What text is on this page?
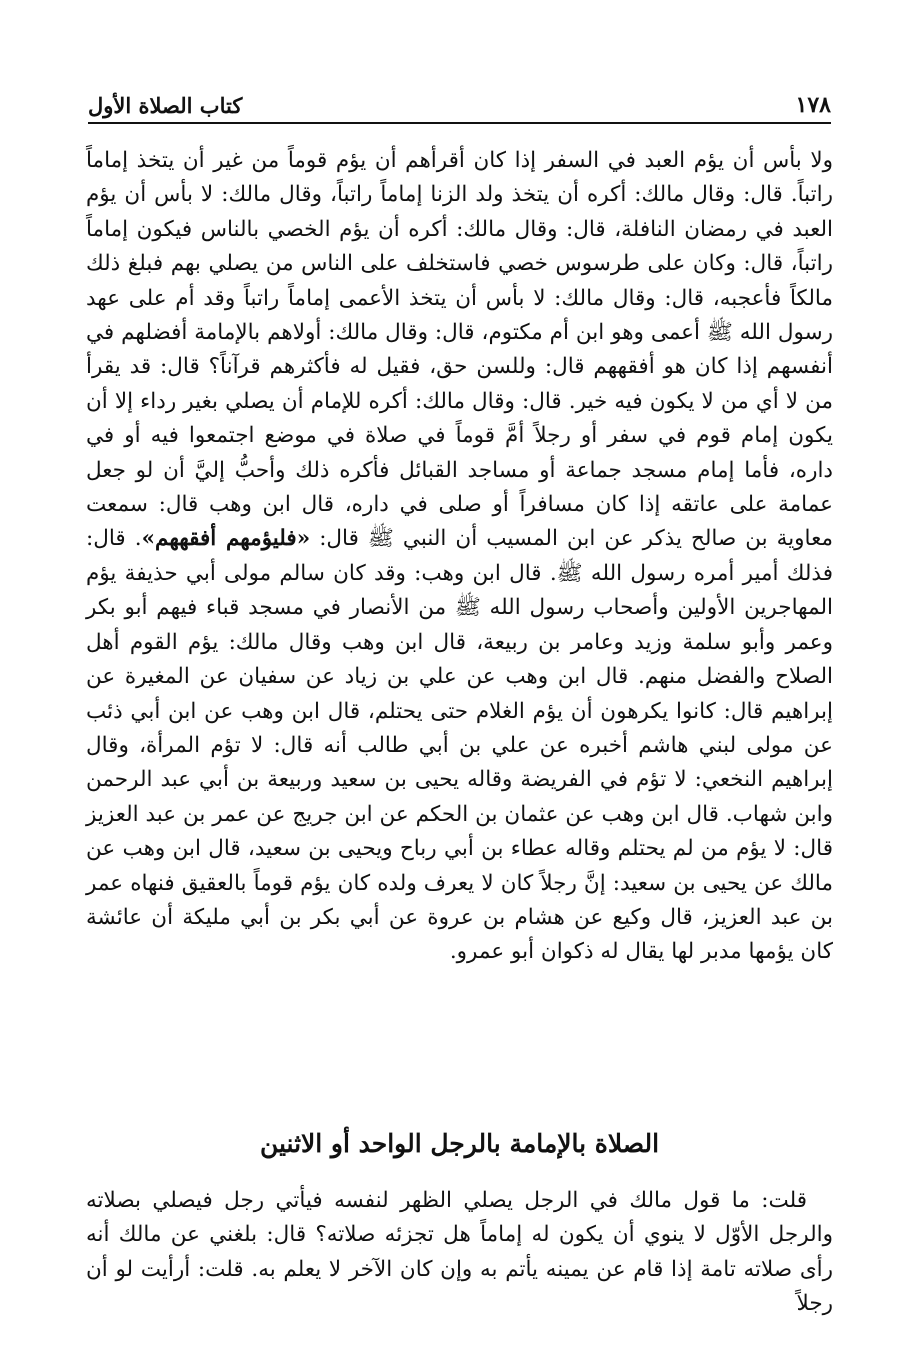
١٧٨
كتاب الصلاة الأول

ولا بأس أن يؤم العبد في السفر إذا كان أقرأهم أن يؤم قوماً من غير أن يتخذ إماماً راتباً. قال: وقال مالك: أكره أن يتخذ ولد الزنا إماماً راتباً، وقال مالك: لا بأس أن يؤم العبد في رمضان النافلة، قال: وقال مالك: أكره أن يؤم الخصي بالناس فيكون إماماً راتباً، قال: وكان على طرسوس خصي فاستخلف على الناس من يصلي بهم فبلغ ذلك مالكاً فأعجبه، قال: وقال مالك: لا بأس أن يتخذ الأعمى إماماً راتباً وقد أم على عهد رسول الله ﷺ أعمى وهو ابن أم مكتوم، قال: وقال مالك: أولاهم بالإمامة أفضلهم في أنفسهم إذا كان هو أفقههم قال: وللسن حق، فقيل له فأكثرهم قرآناً؟ قال: قد يقرأ من لا أي من لا يكون فيه خير. قال: وقال مالك: أكره للإمام أن يصلي بغير رداء إلا أن يكون إمام قوم في سفر أو رجلاً أمَّ قوماً في صلاة في موضع اجتمعوا فيه أو في داره، فأما إمام مسجد جماعة أو مساجد القبائل فأكره ذلك وأحبُّ إليَّ أن لو جعل عمامة على عاتقه إذا كان مسافراً أو صلى في داره، قال ابن وهب قال: سمعت معاوية بن صالح يذكر عن ابن المسيب أن النبي ﷺ قال: «فليؤمهم أفقههم». قال: فذلك أمير أمره رسول الله ﷺ. قال ابن وهب: وقد كان سالم مولى أبي حذيفة يؤم المهاجرين الأولين وأصحاب رسول الله ﷺ من الأنصار في مسجد قباء فيهم أبو بكر وعمر وأبو سلمة وزيد وعامر بن ربيعة، قال ابن وهب وقال مالك: يؤم القوم أهل الصلاح والفضل منهم. قال ابن وهب عن علي بن زياد عن سفيان عن المغيرة عن إبراهيم قال: كانوا يكرهون أن يؤم الغلام حتى يحتلم، قال ابن وهب عن ابن أبي ذئب عن مولى لبني هاشم أخبره عن علي بن أبي طالب أنه قال: لا تؤم المرأة، وقال إبراهيم النخعي: لا تؤم في الفريضة وقاله يحيى بن سعيد وربيعة بن أبي عبد الرحمن وابن شهاب. قال ابن وهب عن عثمان بن الحكم عن ابن جريج عن عمر بن عبد العزيز قال: لا يؤم من لم يحتلم وقاله عطاء بن أبي رباح ويحيى بن سعيد، قال ابن وهب عن مالك عن يحيى بن سعيد: إنَّ رجلاً كان لا يعرف ولده كان يؤم قوماً بالعقيق فنهاه عمر بن عبد العزيز، قال وكيع عن هشام بن عروة عن أبي بكر بن أبي مليكة أن عائشة كان يؤمها مدبر لها يقال له ذكوان أبو عمرو.

الصلاة بالإمامة بالرجل الواحد أو الاثنين

قلت: ما قول مالك في الرجل يصلي الظهر لنفسه فيأتي رجل فيصلي بصلاته والرجل الأوّل لا ينوي أن يكون له إماماً هل تجزئه صلاته؟ قال: بلغني عن مالك أنه رأى صلاته تامة إذا قام عن يمينه يأتم به وإن كان الآخر لا يعلم به. قلت: أرأيت لو أن رجلاً
